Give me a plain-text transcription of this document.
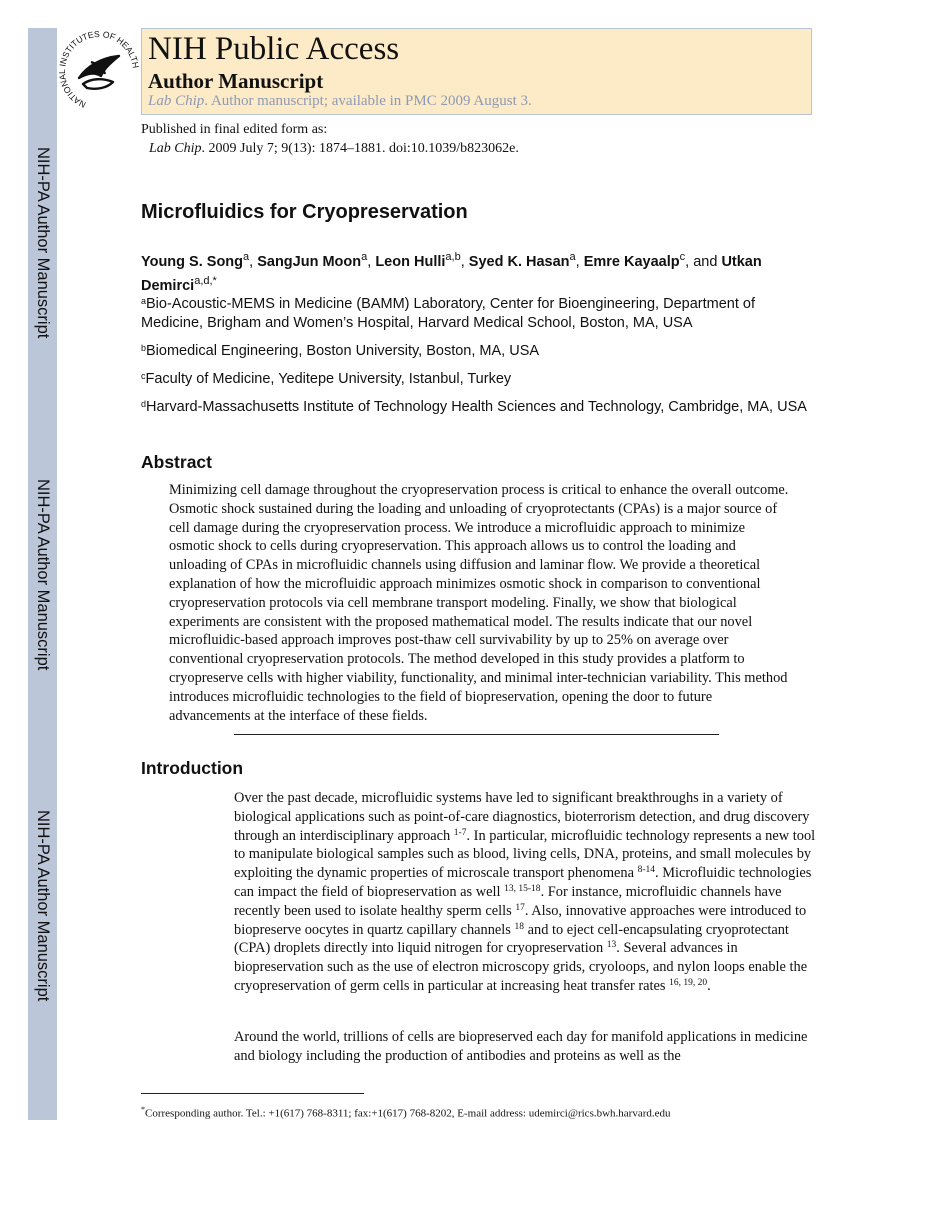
NIH-PA Author Manuscript
NIH-PA Author Manuscript
NIH-PA Author Manuscript
NATIONAL INSTITUTES OF HEALTH NIH Public Access
Author Manuscript
Lab Chip. Author manuscript; available in PMC 2009 August 3.
Published in final edited form as:
Lab Chip. 2009 July 7; 9(13): 1874–1881. doi:10.1039/b823062e.
Microfluidics for Cryopreservation
Young S. Song$^a$, SangJun Moon$^a$, Leon Hulli$^{a,b}$, Syed K. Hasan$^a$, Emre Kayaalp$^c$, and Utkan Demirci$^{a,d,*}$
$^a$Bio-Acoustic-MEMS in Medicine (BAMM) Laboratory, Center for Bioengineering, Department of Medicine, Brigham and Women’s Hospital, Harvard Medical School, Boston, MA, USA
$^b$Biomedical Engineering, Boston University, Boston, MA, USA
$^c$Faculty of Medicine, Yeditepe University, Istanbul, Turkey
$^d$Harvard-Massachusetts Institute of Technology Health Sciences and Technology, Cambridge, MA, USA
Abstract

Minimizing cell damage throughout the cryopreservation process is critical to enhance the overall outcome. Osmotic shock sustained during the loading and unloading of cryoprotectants (CPAs) is a major source of cell damage during the cryopreservation process. We introduce a microfluidic approach to minimize osmotic shock to cells during cryopreservation. This approach allows us to control the loading and unloading of CPAs in microfluidic channels using diffusion and laminar flow. We provide a theoretical explanation of how the microfluidic approach minimizes osmotic shock in comparison to conventional cryopreservation protocols via cell membrane transport modeling. Finally, we show that biological experiments are consistent with the proposed mathematical model. The results indicate that our novel microfluidic-based approach improves post-thaw cell survivability by up to 25% on average over conventional cryopreservation protocols. The method developed in this study provides a platform to cryopreserve cells with higher viability, functionality, and minimal inter-technician variability. This method introduces microfluidic technologies to the field of biopreservation, opening the door to future advancements at the interface of these fields.

Introduction

Over the past decade, microfluidic systems have led to significant breakthroughs in a variety of biological applications such as point-of-care diagnostics, bioterrorism detection, and drug discovery through an interdisciplinary approach $^{1-7}$. In particular, microfluidic technology represents a new tool to manipulate biological samples such as blood, living cells, DNA, proteins, and small molecules by exploiting the dynamic properties of microscale transport phenomena $^{8-14}$. Microfluidic technologies can impact the field of biopreservation as well $^{13, 15-18}$. For instance, microfluidic channels have recently been used to isolate healthy sperm cells $^{17}$. Also, innovative approaches were introduced to biopreserve oocytes in quartz capillary channels $^{18}$ and to eject cell-encapsulating cryoprotectant (CPA) droplets directly into liquid nitrogen for cryopreservation $^{13}$. Several advances in biopreservation such as the use of electron microscopy grids, cryoloops, and nylon loops enable the cryopreservation of germ cells in particular at increasing heat transfer rates $^{16, 19, 20}$.

Around the world, trillions of cells are biopreserved each day for manifold applications in medicine and biology including the production of antibodies and proteins as well as the

*Corresponding author. Tel.: +1(617) 768-8311; fax:+1(617) 768-8202, E-mail address: udemirci@rics.bwh.harvard.edu
